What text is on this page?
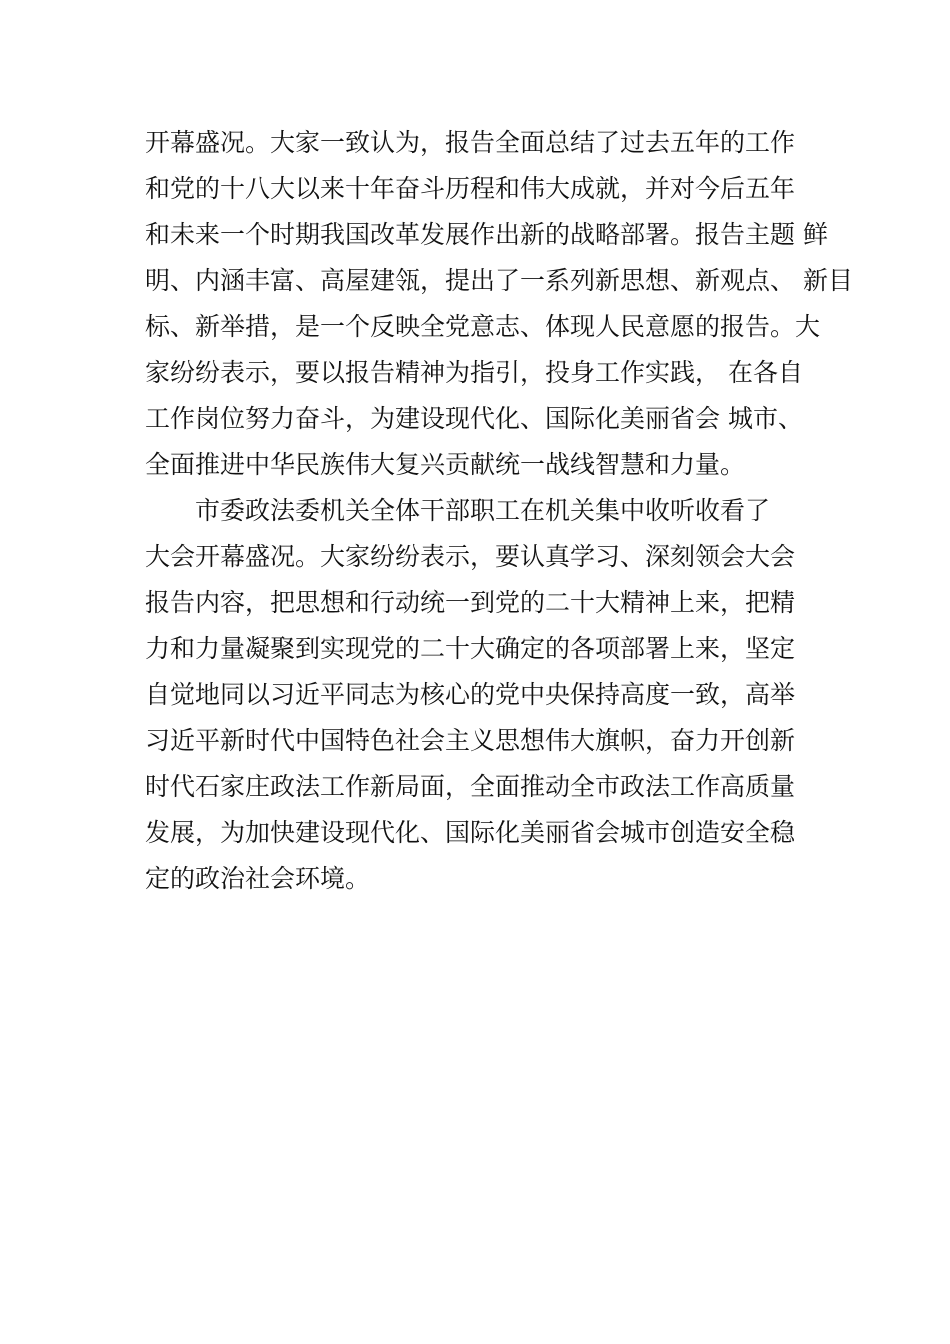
开幕盛况。大家一致认为，报告全面总结了过去五年的工作
和党的十八大以来十年奋斗历程和伟大成就，并对今后五年
和未来一个时期我国改革发展作出新的战略部署。报告主题 鲜
明、内涵丰富、高屋建瓴，提出了一系列新思想、新观点、 新目
标、新举措，是一个反映全党意志、体现人民意愿的报告。大
家纷纷表示，要以报告精神为指引，投身工作实践， 在各自
工作岗位努力奋斗，为建设现代化、国际化美丽省会 城市、
全面推进中华民族伟大复兴贡献统一战线智慧和力量。
市委政法委机关全体干部职工在机关集中收听收看了
大会开幕盛况。大家纷纷表示，要认真学习、深刻领会大会
报告内容，把思想和行动统一到党的二十大精神上来，把精
力和力量凝聚到实现党的二十大确定的各项部署上来，坚定
自觉地同以习近平同志为核心的党中央保持高度一致，高举
习近平新时代中国特色社会主义思想伟大旗帜，奋力开创新
时代石家庄政法工作新局面，全面推动全市政法工作高质量
发展，为加快建设现代化、国际化美丽省会城市创造安全稳
定的政治社会环境。
